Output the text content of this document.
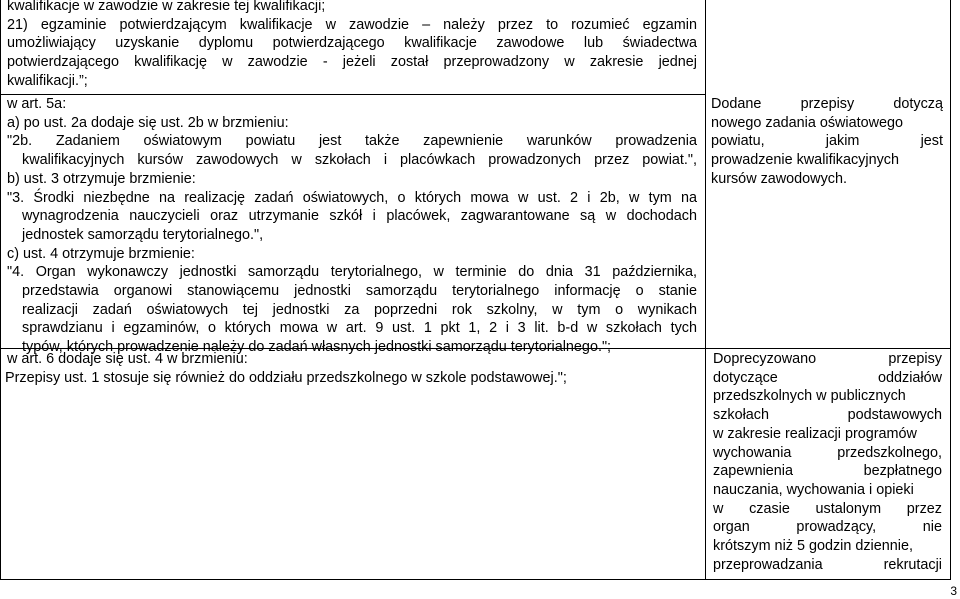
kwalifikacje w zawodzie w zakresie tej kwalifikacji;

21) egzaminie potwierdzającym kwalifikacje w zawodzie – należy przez to rozumieć egzamin

umożliwiający uzyskanie dyplomu potwierdzającego kwalifikacje zawodowe lub świadectwa

potwierdzającego kwalifikację w zawodzie - jeżeli został przeprowadzony w zakresie jednej

kwalifikacji.”;

w art. 5a:

a) po ust. 2a dodaje się ust. 2b w brzmieniu:

"2b. Zadaniem oświatowym powiatu jest także zapewnienie warunków prowadzenia

kwalifikacyjnych kursów zawodowych w szkołach i placówkach prowadzonych przez powiat.",

b) ust. 3 otrzymuje brzmienie:

"3. Środki niezbędne na realizację zadań oświatowych, o których mowa w ust. 2 i 2b, w tym na

wynagrodzenia nauczycieli oraz utrzymanie szkół i placówek, zagwarantowane są w dochodach

jednostek samorządu terytorialnego.",

c) ust. 4 otrzymuje brzmienie:

"4. Organ wykonawczy jednostki samorządu terytorialnego, w terminie do dnia 31 października,

przedstawia organowi stanowiącemu jednostki samorządu terytorialnego informację o stanie

realizacji zadań oświatowych tej jednostki za poprzedni rok szkolny, w tym o wynikach

sprawdzianu i egzaminów, o których mowa w art. 9 ust. 1 pkt 1, 2 i 3 lit. b-d w szkołach tych

typów, których prowadzenie należy do zadań własnych jednostki samorządu terytorialnego.";

w art. 6 dodaje się ust. 4 w brzmieniu:

Przepisy ust. 1 stosuje się również do oddziału przedszkolnego w szkole podstawowej.";

Dodane przepisy dotyczą

nowego zadania oświatowego

powiatu, jakim jest

prowadzenie kwalifikacyjnych

kursów zawodowych.

Doprecyzowano przepisy

dotyczące oddziałów

przedszkolnych w publicznych

szkołach podstawowych

w zakresie realizacji programów

wychowania przedszkolnego,

zapewnienia bezpłatnego

nauczania, wychowania i opieki

w czasie ustalonym przez

organ prowadzący, nie

krótszym niż 5 godzin dziennie,

przeprowadzania rekrutacji

3
